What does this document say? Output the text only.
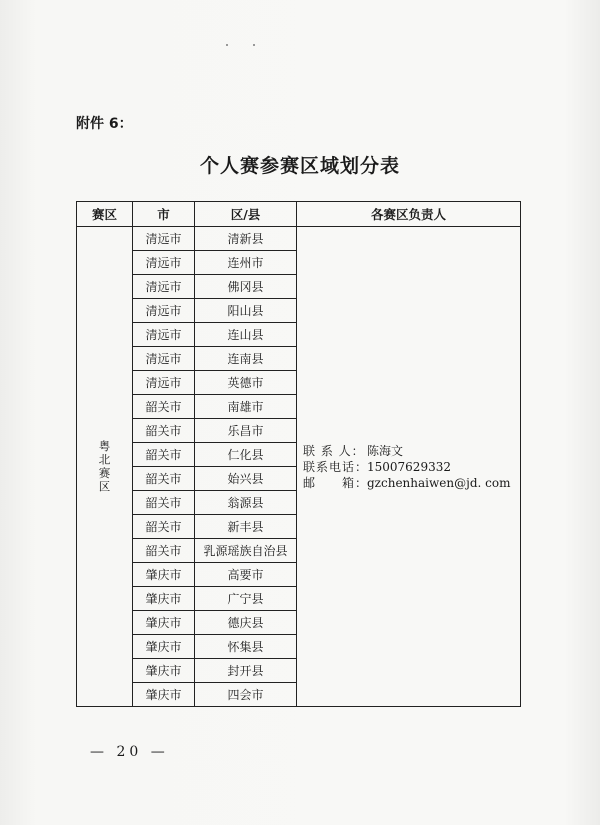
附件 6：
个人赛参赛区域划分表
赛区	市	区/县	各赛区负责人
粤北赛区	清远市	清新县	联 系 人： 陈海文
联系电话：15007629332
邮　　箱：gzchenhaiwen@jd. com

	清远市	连州市	
	清远市	佛冈县	
	清远市	阳山县	
	清远市	连山县	
	清远市	连南县	
	清远市	英德市	
	韶关市	南雄市	
	韶关市	乐昌市	
	韶关市	仁化县	
	韶关市	始兴县	
	韶关市	翁源县	
	韶关市	新丰县	
	韶关市	乳源瑶族自治县	
	肇庆市	高要市	
	肇庆市	广宁县	
	肇庆市	德庆县	
	肇庆市	怀集县	
	肇庆市	封开县	
	肇庆市	四会市	
— 20 —
